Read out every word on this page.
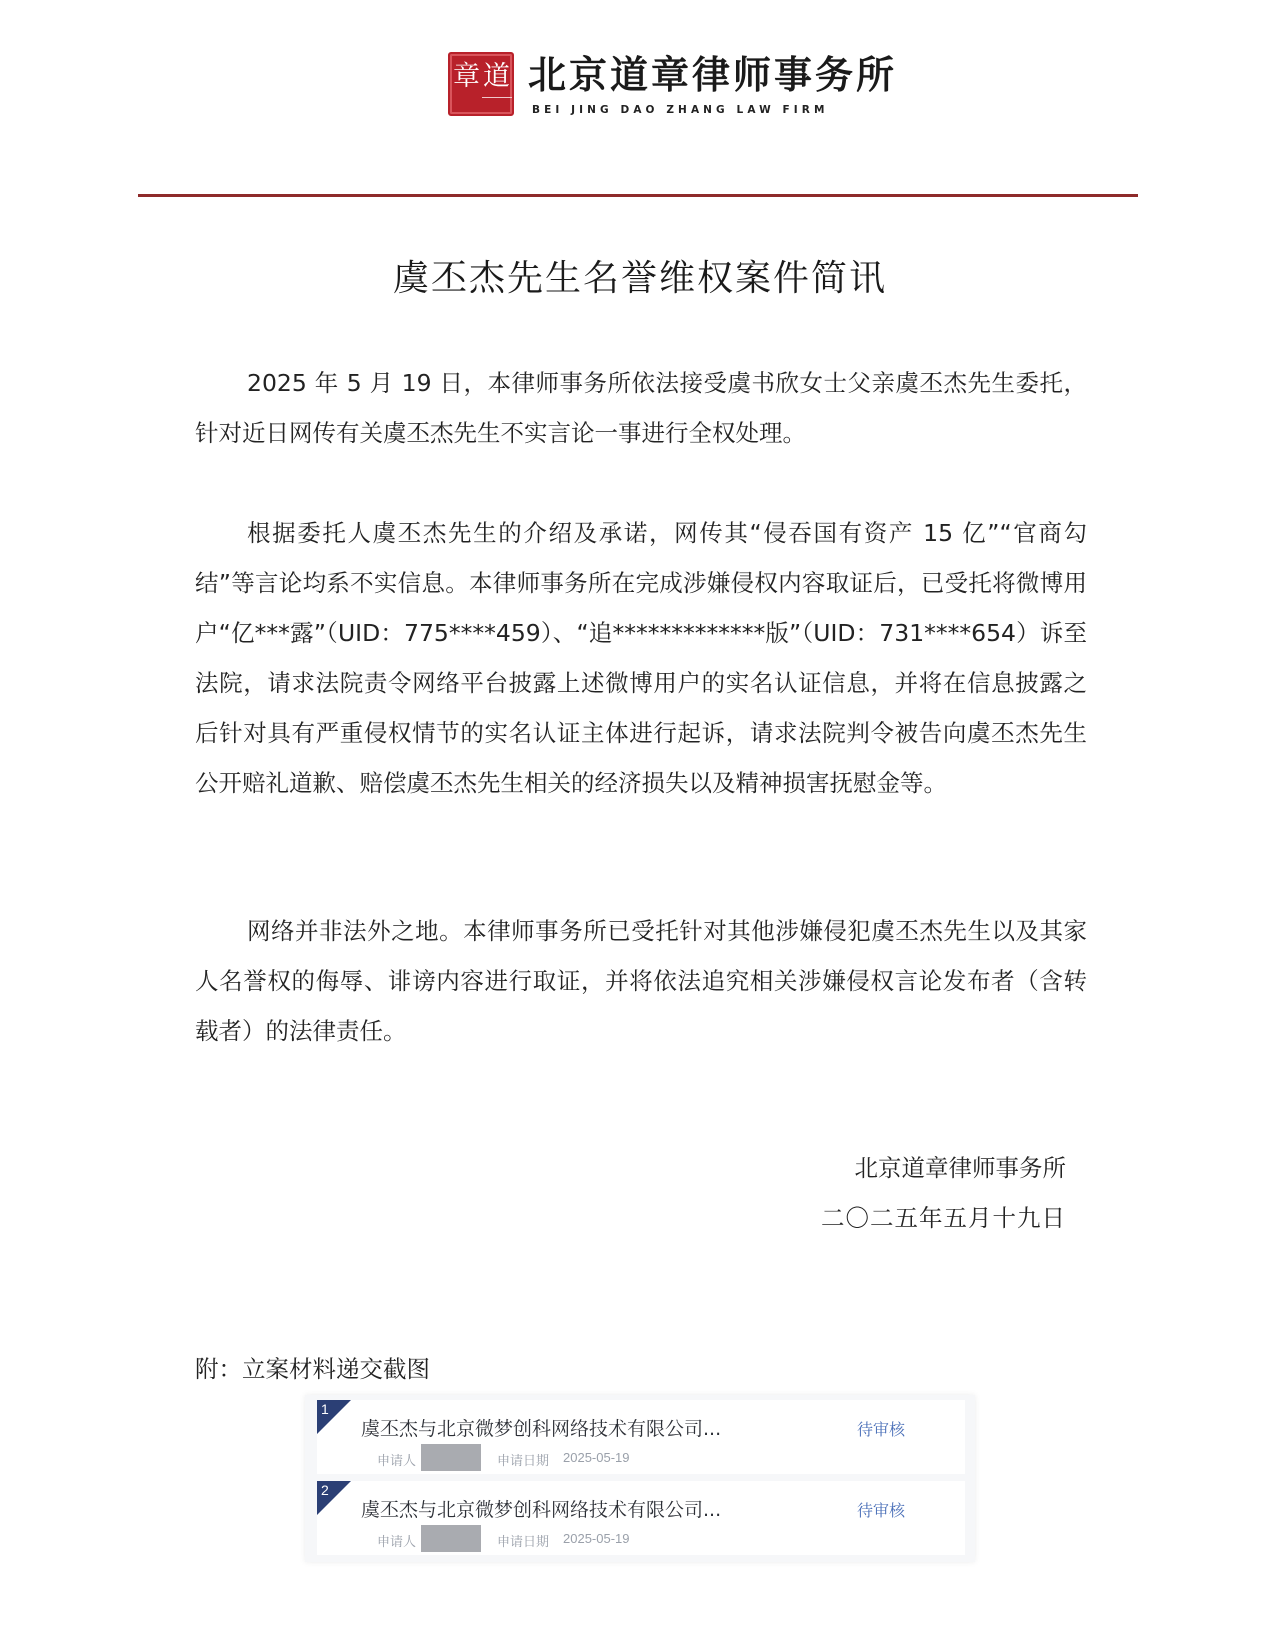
章 道 北京道章律师事务所
BEI JING DAO ZHANG LAW FIRM
虞丕杰先生名誉维权案件简讯

2025 年 5 月 19 日，本律师事务所依法接受虞书欣女士父亲虞丕杰先生委托，针对近日网传有关虞丕杰先生不实言论一事进行全权处理。

根据委托人虞丕杰先生的介绍及承诺，网传其“侵吞国有资产 15 亿”“官商勾结”等言论均系不实信息。本律师事务所在完成涉嫌侵权内容取证后，已受托将微博用户“亿***露”（UID：775****459）、“追*************版”（UID：731****654）诉至法院，请求法院责令网络平台披露上述微博用户的实名认证信息，并将在信息披露之后针对具有严重侵权情节的实名认证主体进行起诉，请求法院判令被告向虞丕杰先生公开赔礼道歉、赔偿虞丕杰先生相关的经济损失以及精神损害抚慰金等。

网络并非法外之地。本律师事务所已受托针对其他涉嫌侵犯虞丕杰先生以及其家人名誉权的侮辱、诽谤内容进行取证，并将依法追究相关涉嫌侵权言论发布者（含转载者）的法律责任。

北京道章律师事务所
二〇二五年五月十九日
附：立案材料递交截图
1
虞丕杰与北京微梦创科网络技术有限公司...	待审核
申请人	申请日期 2025-05-19
2
虞丕杰与北京微梦创科网络技术有限公司...	待审核
申请人	申请日期 2025-05-19
